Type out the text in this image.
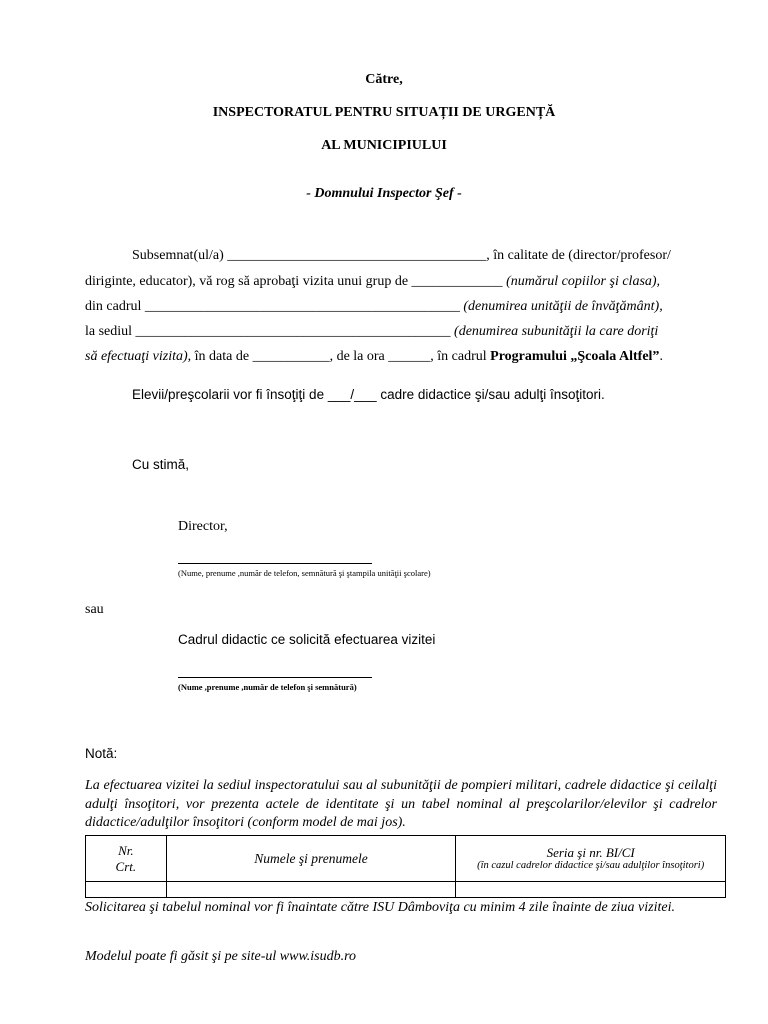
Către,
INSPECTORATUL PENTRU SITUAȚII DE URGENȚĂ
AL MUNICIPIULUI
- Domnului Inspector Şef -
Subsemnat(ul/a) _____________________________________, în calitate de (director/profesor/
diriginte, educator), vă rog să aprobaţi vizita unui grup de _____________ (numărul copiilor şi clasa),
din cadrul _____________________________________________ (denumirea unităţii de învăţământ),
la sediul _____________________________________________ (denumirea subunităţii la care doriţi
să efectuaţi vizita), în data de ___________, de la ora ______, în cadrul Programului „Şcoala Altfel”.
Elevii/preşcolarii vor fi însoţiţi de ___/___ cadre didactice şi/sau adulţi însoţitori.
Cu stimă,
Director,
(Nume, prenume ,număr de telefon, semnătură şi ştampila unităţii şcolare)
sau
Cadrul didactic ce solicită efectuarea vizitei
(Nume ,prenume ,număr de telefon şi semnătură)
Notă:
La efectuarea vizitei la sediul inspectoratului sau al subunităţii de pompieri militari, cadrele didactice şi ceilalţi adulţi însoţitori, vor prezenta actele de identitate şi un tabel nominal al preşcolarilor/elevilor şi cadrelor didactice/adulţilor însoţitori (conform model de mai jos).
Nr.
Crt.	Numele şi prenumele	Seria şi nr. BI/CI
(în cazul cadrelor didactice şi/sau adulţilor însoţitori)

Solicitarea şi tabelul nominal vor fi înaintate către ISU Dâmboviţa cu minim 4 zile înainte de ziua vizitei.
Modelul poate fi găsit şi pe site-ul www.isudb.ro
